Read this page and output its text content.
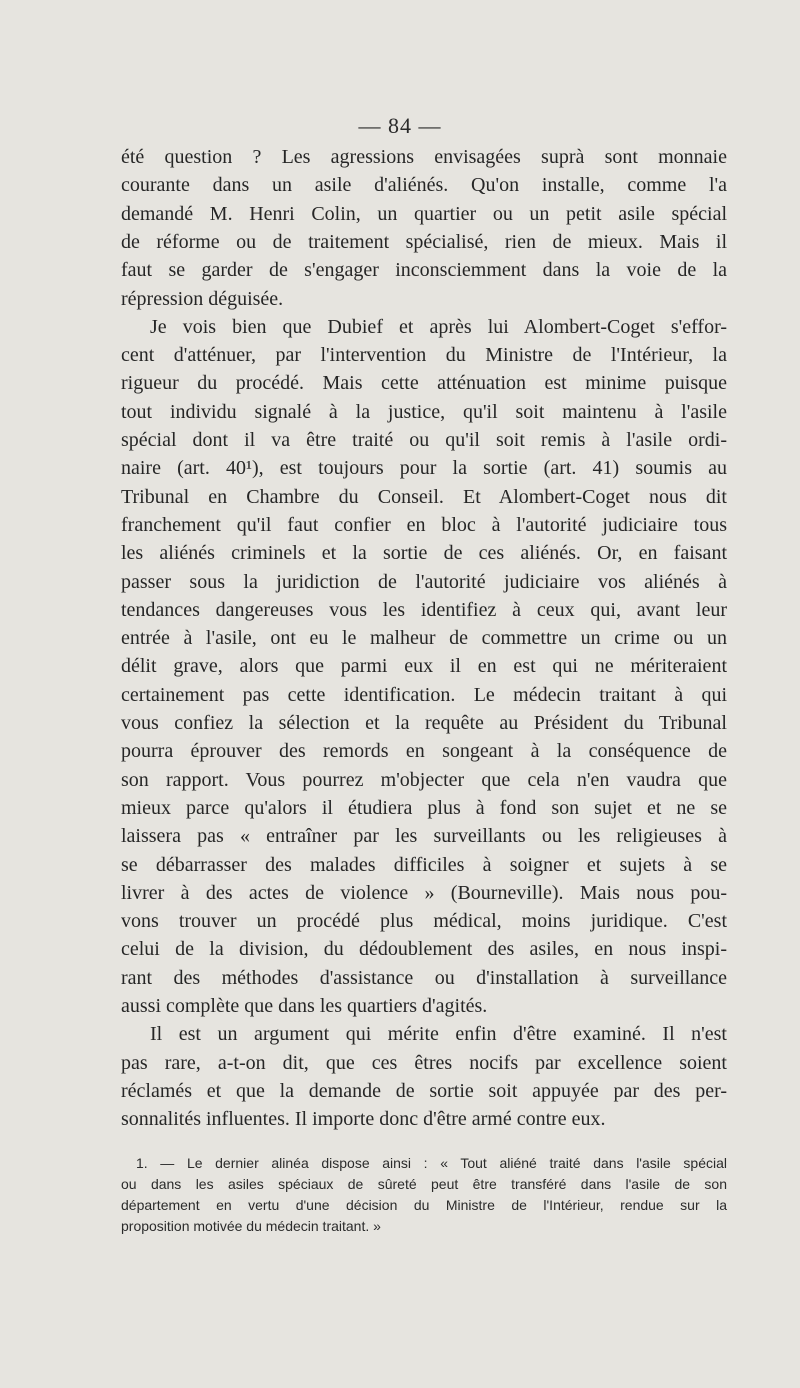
— 84 —
été question ? Les agressions envisagées suprà sont monnaie
courante dans un asile d'aliénés. Qu'on installe, comme l'a
demandé M. Henri Colin, un quartier ou un petit asile spécial
de réforme ou de traitement spécialisé, rien de mieux. Mais il
faut se garder de s'engager inconsciemment dans la voie de la
répression déguisée.
Je vois bien que Dubief et après lui Alombert-Coget s'effor-
cent d'atténuer, par l'intervention du Ministre de l'Intérieur, la
rigueur du procédé. Mais cette atténuation est minime puisque
tout individu signalé à la justice, qu'il soit maintenu à l'asile
spécial dont il va être traité ou qu'il soit remis à l'asile ordi-
naire (art. 40¹), est toujours pour la sortie (art. 41) soumis au
Tribunal en Chambre du Conseil. Et Alombert-Coget nous dit
franchement qu'il faut confier en bloc à l'autorité judiciaire tous
les aliénés criminels et la sortie de ces aliénés. Or, en faisant
passer sous la juridiction de l'autorité judiciaire vos aliénés à
tendances dangereuses vous les identifiez à ceux qui, avant leur
entrée à l'asile, ont eu le malheur de commettre un crime ou un
délit grave, alors que parmi eux il en est qui ne mériteraient
certainement pas cette identification. Le médecin traitant à qui
vous confiez la sélection et la requête au Président du Tribunal
pourra éprouver des remords en songeant à la conséquence de
son rapport. Vous pourrez m'objecter que cela n'en vaudra que
mieux parce qu'alors il étudiera plus à fond son sujet et ne se
laissera pas « entraîner par les surveillants ou les religieuses à
se débarrasser des malades difficiles à soigner et sujets à se
livrer à des actes de violence » (Bourneville). Mais nous pou-
vons trouver un procédé plus médical, moins juridique. C'est
celui de la division, du dédoublement des asiles, en nous inspi-
rant des méthodes d'assistance ou d'installation à surveillance
aussi complète que dans les quartiers d'agités.
Il est un argument qui mérite enfin d'être examiné. Il n'est
pas rare, a-t-on dit, que ces êtres nocifs par excellence soient
réclamés et que la demande de sortie soit appuyée par des per-
sonnalités influentes. Il importe donc d'être armé contre eux.
1. — Le dernier alinéa dispose ainsi : « Tout aliéné traité dans l'asile spécial
ou dans les asiles spéciaux de sûreté peut être transféré dans l'asile de son
département en vertu d'une décision du Ministre de l'Intérieur, rendue sur la
proposition motivée du médecin traitant. »
